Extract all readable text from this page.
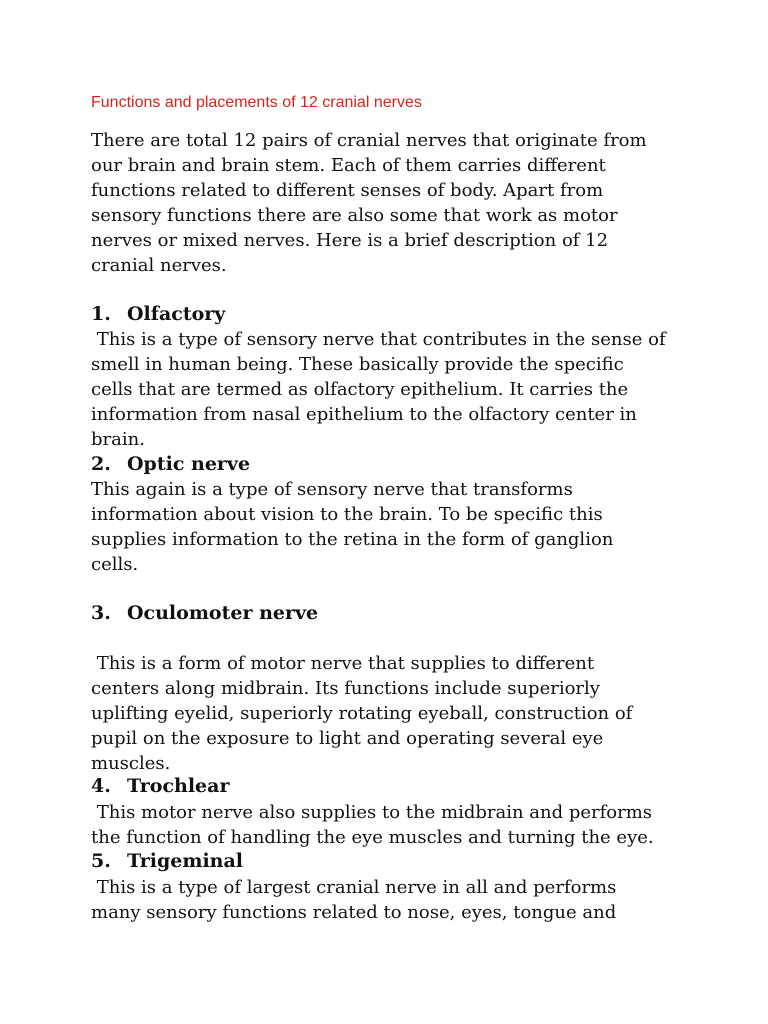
Functions and placements of 12 cranial nerves
There are total 12 pairs of cranial nerves that originate from
our brain and brain stem. Each of them carries different
functions related to different senses of body. Apart from
sensory functions there are also some that work as motor
nerves or mixed nerves. Here is a brief description of 12
cranial nerves.
1. Olfactory
This is a type of sensory nerve that contributes in the sense of
smell in human being. These basically provide the specific
cells that are termed as olfactory epithelium. It carries the
information from nasal epithelium to the olfactory center in
brain.
2. Optic nerve
This again is a type of sensory nerve that transforms
information about vision to the brain. To be specific this
supplies information to the retina in the form of ganglion
cells.
3. Oculomoter nerve
This is a form of motor nerve that supplies to different
centers along midbrain. Its functions include superiorly
uplifting eyelid, superiorly rotating eyeball, construction of
pupil on the exposure to light and operating several eye
muscles.
4. Trochlear
This motor nerve also supplies to the midbrain and performs
the function of handling the eye muscles and turning the eye.
5. Trigeminal
This is a type of largest cranial nerve in all and performs
many sensory functions related to nose, eyes, tongue and
